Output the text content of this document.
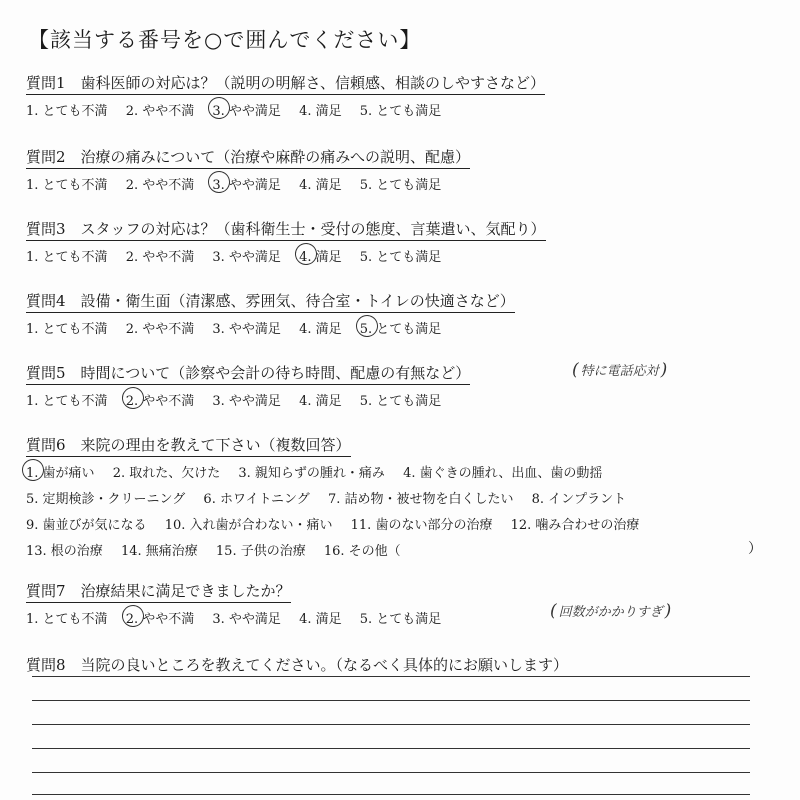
【該当する番号を○で囲んでください】
質問1　歯科医師の対応は？（説明の明解さ、信頼感、相談のしやすさなど）
1. とても不満 2. やや不満 3. やや満足 4. 満足 5. とても満足
質問2　治療の痛みについて（治療や麻酔の痛みへの説明、配慮）
1. とても不満 2. やや不満 3. やや満足 4. 満足 5. とても満足
質問3　スタッフの対応は？（歯科衛生士・受付の態度、言葉遣い、気配り）
1. とても不満 2. やや不満 3. やや満足 4. 満足 5. とても満足
質問4　設備・衛生面（清潔感、雰囲気、待合室・トイレの快適さなど）
1. とても不満 2. やや不満 3. やや満足 4. 満足 5. とても満足
質問5　時間について（診察や会計の待ち時間、配慮の有無など）	( 特に電話応対 )
1. とても不満 2. やや不満 3. やや満足 4. 満足 5. とても満足
質問6　来院の理由を教えて下さい（複数回答）
1. 歯が痛い 2. 取れた、欠けた 3. 親知らずの腫れ・痛み 4. 歯ぐきの腫れ、出血、歯の動揺
5. 定期検診・クリーニング 6. ホワイトニング 7. 詰め物・被せ物を白くしたい 8. インプラント
9. 歯並びが気になる 10. 入れ歯が合わない・痛い 11. 歯のない部分の治療 12. 噛み合わせの治療
13. 根の治療 14. 無痛治療 15. 子供の治療 16. その他（	）
質問7　治療結果に満足できましたか？
1. とても不満 2. やや不満 3. やや満足 4. 満足 5. とても満足	( 回数がかかりすぎ )
質問8　当院の良いところを教えてください。（なるべく具体的にお願いします）
